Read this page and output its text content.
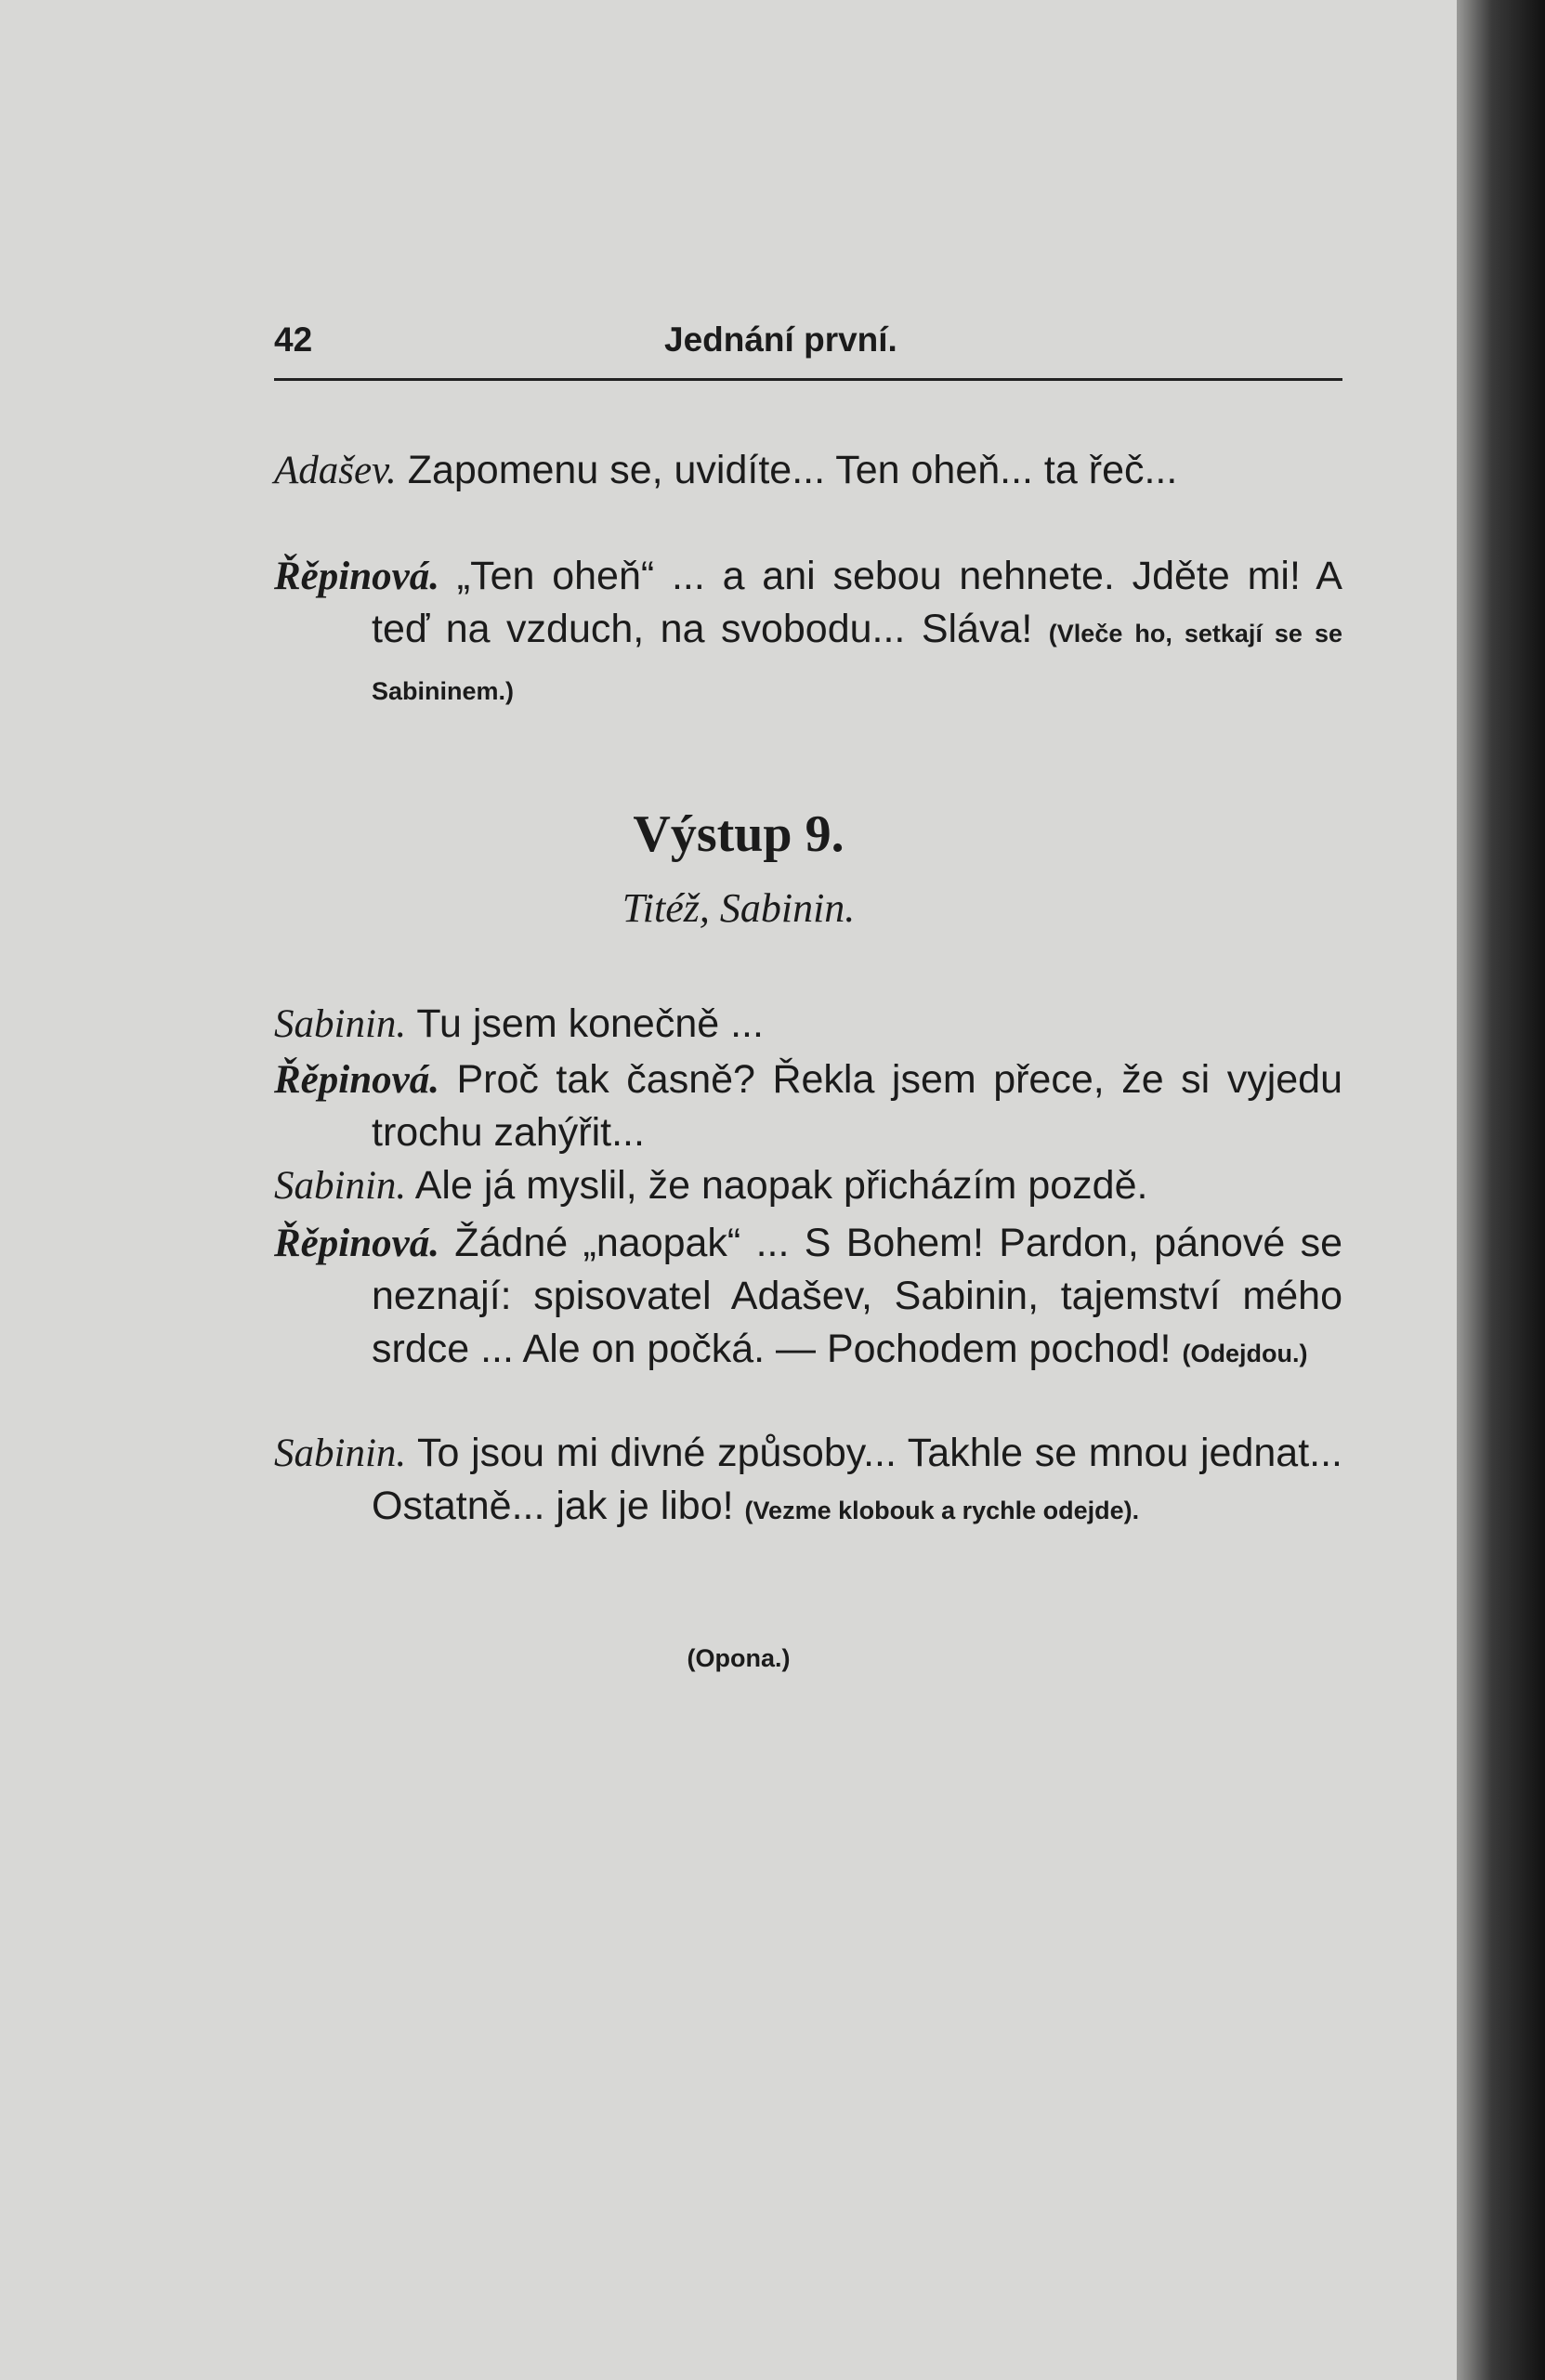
42	Jednání první.

Adašev. Zapomenu se, uvidíte... Ten oheň... ta řeč...

Řěpinová. „Ten oheň“ ... a ani sebou nehnete. Jděte mi! A teď na vzduch, na svobodu... Sláva! (Vleče ho, setkají se se Sabininem.)

Výstup 9.
Titéž, Sabinin.

Sabinin. Tu jsem konečně ...

Řěpinová. Proč tak časně? Řekla jsem přece, že si vyjedu trochu zahýřit...

Sabinin. Ale já myslil, že naopak přicházím pozdě.

Řěpinová. Žádné „naopak“ ... S Bohem! Pardon, pánové se neznají: spisovatel Adašev, Sabinin, tajemství mého srdce ... Ale on počká. — Pochodem pochod! (Odejdou.)

Sabinin. To jsou mi divné způsoby... Takhle se mnou jednat... Ostatně... jak je libo! (Vezme klobouk a rychle odejde).

(Opona.)
